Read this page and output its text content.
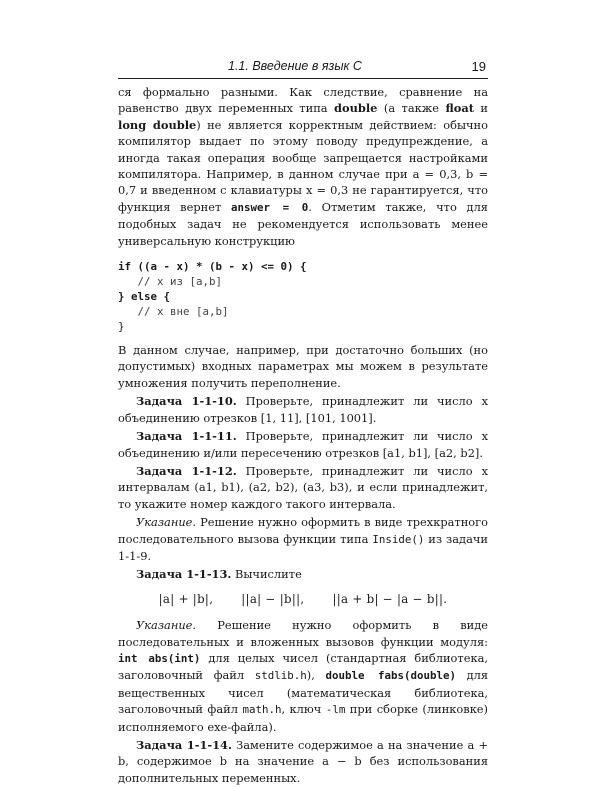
1.1. Введение в язык C	19

ся формально разными. Как следствие, сравнение на равенство двух переменных типа double (а также float и long double) не является корректным действием: обычно компилятор выдает по этому поводу предупреждение, а иногда такая операция вообще запрещается настройками компилятора. Например, в данном случае при a = 0,3, b = 0,7 и введенном с клавиатуры x = 0,3 не гарантируется, что функция вернет answer = 0. Отметим также, что для подобных задач не рекомендуется использовать менее универсальную конструкцию

if ((a - x) * (b - x) <= 0) {
// x из [a,b]
} else {
// x вне [a,b]
}

В данном случае, например, при достаточно больших (но допустимых) входных параметрах мы можем в результате умножения получить переполнение.

Задача 1-1-10. Проверьте, принадлежит ли число x объединению отрезков [1, 11], [101, 1001].

Задача 1-1-11. Проверьте, принадлежит ли число x объединению и/или пересечению отрезков [a1, b1], [a2, b2].

Задача 1-1-12. Проверьте, принадлежит ли число x интервалам (a1, b1), (a2, b2), (a3, b3), и если принадлежит, то укажите номер каждого такого интервала.

Указание. Решение нужно оформить в виде трехкратного последовательного вызова функции типа Inside() из задачи 1-1-9.

Задача 1-1-13. Вычислите

|a| + |b|, ||a| − |b||, ||a + b| − |a − b||.

Указание. Решение нужно оформить в виде последовательных и вложенных вызовов функции модуля: int abs(int) для целых чисел (стандартная библиотека, заголовочный файл stdlib.h), double fabs(double) для вещественных чисел (математическая библиотека, заголовочный файл math.h, ключ -lm при сборке (линковке) исполняемого exe-файла).

Задача 1-1-14. Замените содержимое a на значение a + b, содержимое b на значение a − b без использования дополнительных переменных.
